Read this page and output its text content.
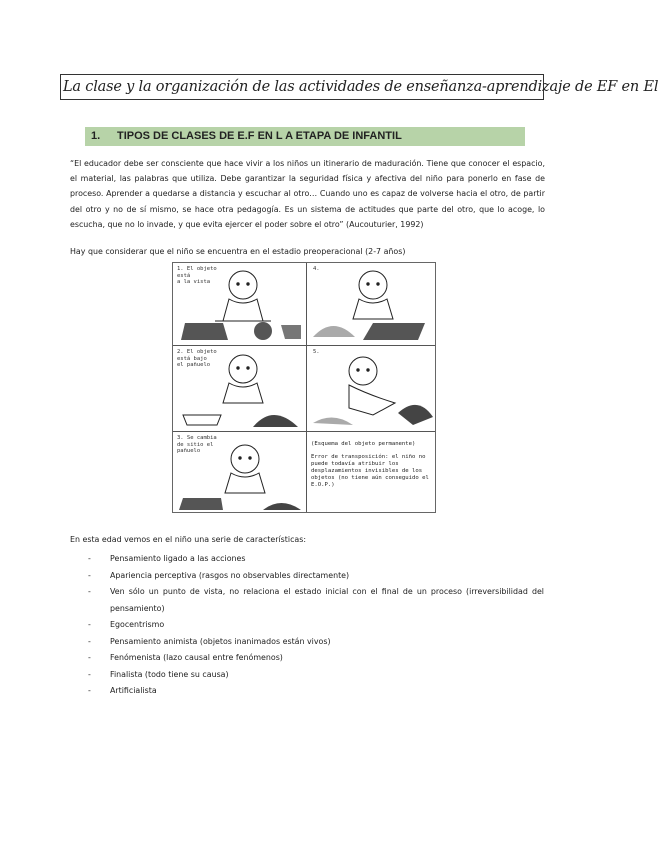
La clase y la organización de las actividades de enseñanza-aprendizaje de EF en El
1. TIPOS DE CLASES DE E.F EN L A ETAPA DE INFANTIL
“El educador debe ser consciente que hace vivir a los niños un itinerario de maduración. Tiene que conocer el espacio, el material, las palabras que utiliza. Debe garantizar la seguridad física y afectiva del niño para ponerlo en fase de proceso. Aprender a quedarse a distancia y escuchar al otro… Cuando uno es capaz de volverse hacia el otro, de partir del otro y no de sí mismo, se hace otra pedagogía. Es un sistema de actitudes que parte del otro, que lo acoge, lo escucha, que no lo invade, y que evita ejercer el poder sobre el otro” (Aucouturier, 1992)
Hay que considerar que el niño se encuentra en el estadio preoperacional (2-7 años)
1. El objeto
está
a la vista
4.
2. El objeto
está bajo
el pañuelo
5.
3. Se cambia
de sitio el
pañuelo
(Esquema del objeto permanente)
Error de transposición: el niño no puede todavía atribuir los desplazamientos invisibles de los objetos (no tiene aún conseguido el E.O.P.)
En esta edad vemos en el niño una serie de características:
- Pensamiento ligado a las acciones
- Apariencia perceptiva (rasgos no observables directamente)
- Ven sólo un punto de vista, no relaciona el estado inicial con el final de un proceso (irreversibilidad del pensamiento)
- Egocentrismo
- Pensamiento animista (objetos inanimados están vivos)
- Fenómenista (lazo causal entre fenómenos)
- Finalista (todo tiene su causa)
- Artificialista
